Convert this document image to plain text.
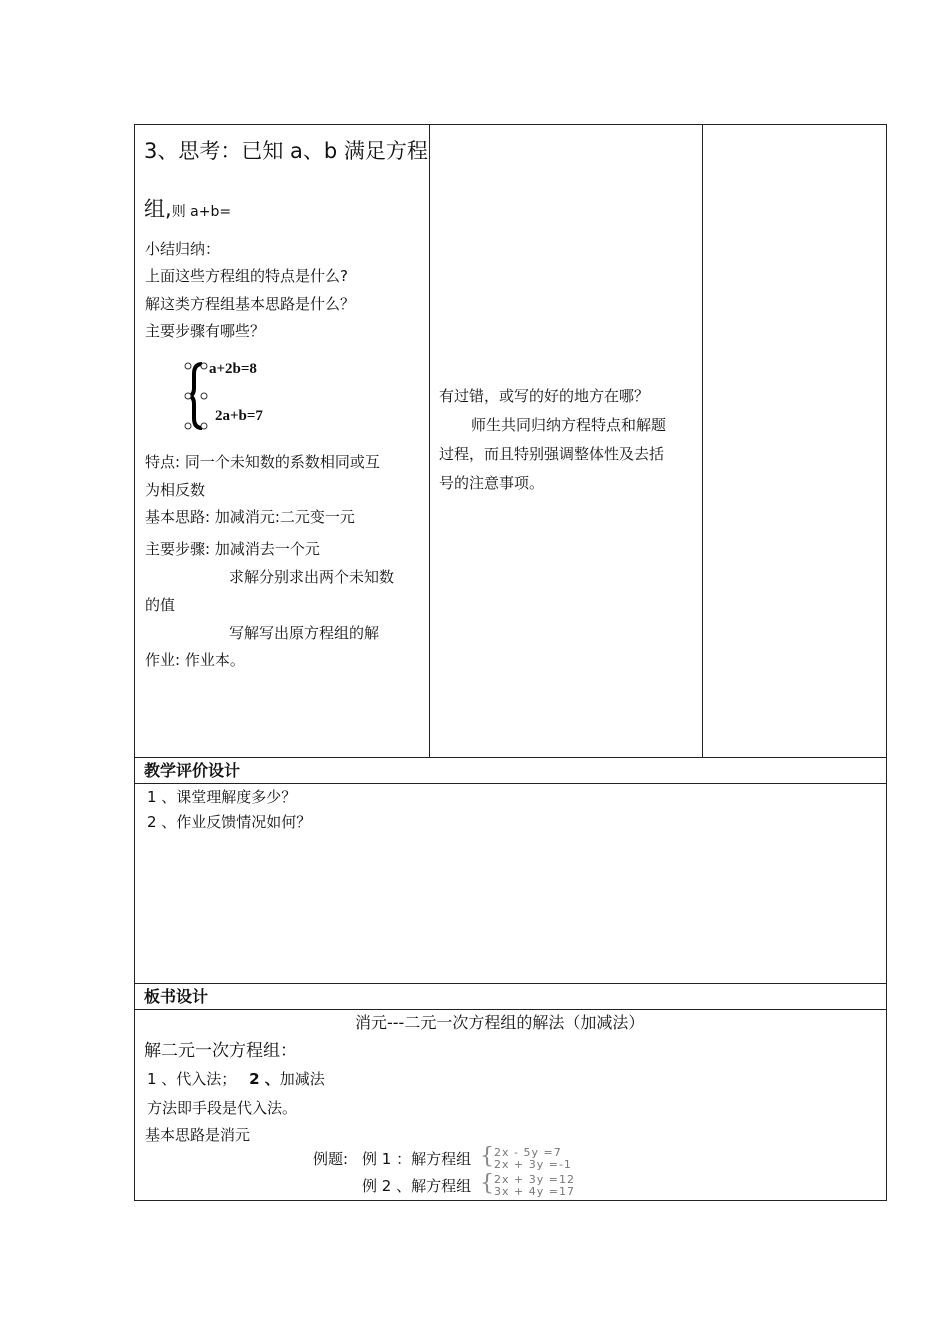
3、思考：已知 a、b 满足方程
组,则 a+b=
小结归纳：
上面这些方程组的特点是什么?
解这类方程组基本思路是什么？
主要步骤有哪些？
a+2b=8
2a+b=7
特点: 同一个未知数的系数相同或互
为相反数
基本思路: 加减消元:二元变一元
主要步骤: 加减消去一个元
求解分别求出两个未知数
的值
写解写出原方程组的解
作业: 作业本。
有过错，或写的好的地方在哪？
师生共同归纳方程特点和解题
过程，而且特别强调整体性及去括
号的注意事项。
教学评价设计
1 、课堂理解度多少？
2 、作业反馈情况如何？
板书设计
消元---二元一次方程组的解法（加减法）
解二元一次方程组：
1 、代入法； 2 、加减法
方法即手段是代入法。
基本思路是消元
例题: 例 1 ：解方程组 { 2x - 5y =7
2x + 3y =-1
例 2 、解方程组 { 2x + 3y =12
3x + 4y =17
